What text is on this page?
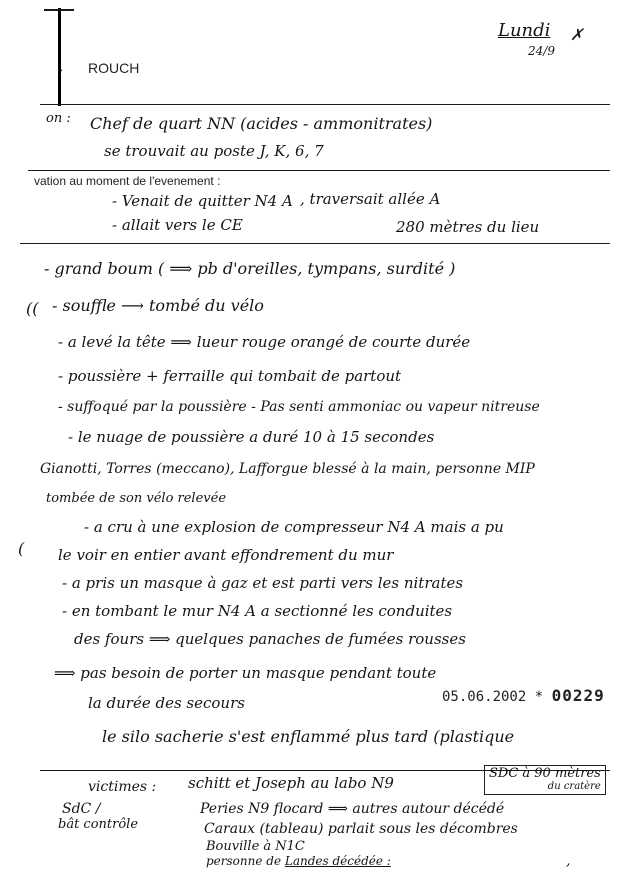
Lundi
24/9
✗
: ROUCH
on : Chef de quart NN (acides - ammonitrates)
se trouvait au poste J, K, 6, 7
vation au moment de l'evenement :
- Venait de quitter N4 A , traversait allée A
- allait vers le CE	280 mètres du lieu
- grand boum ( ⟹ pb d'oreilles, tympans, surdité )
(( - souffle ⟶ tombé du vélo
- a levé la tête ⟹ lueur rouge orangé de courte durée
- poussière + ferraille qui tombait de partout
- suffoqué par la poussière - Pas senti ammoniac ou vapeur nitreuse
- le nuage de poussière a duré 10 à 15 secondes
Gianotti, Torres (meccano), Lafforgue blessé à la main, personne MIP
tombée de son vélo relevée
- a cru à une explosion de compresseur N4 A mais a pu
( le voir en entier avant effondrement du mur
- a pris un masque à gaz et est parti vers les nitrates
- en tombant le mur N4 A a sectionné les conduites
des fours ⟹ quelques panaches de fumées rousses
⟹ pas besoin de porter un masque pendant toute
la durée des secours
le silo sacherie s'est enflammé plus tard (plastique
05.06.2002 * 00229
victimes : schitt et Joseph au labo N9
SDC à 90 mètres
du cratère
SdC /
bât contrôle
Peries N9 flocard ⟹ autres autour décédé
Caraux (tableau) parlait sous les décombres
Bouville à N1C
personne de Landes décédée :	,
